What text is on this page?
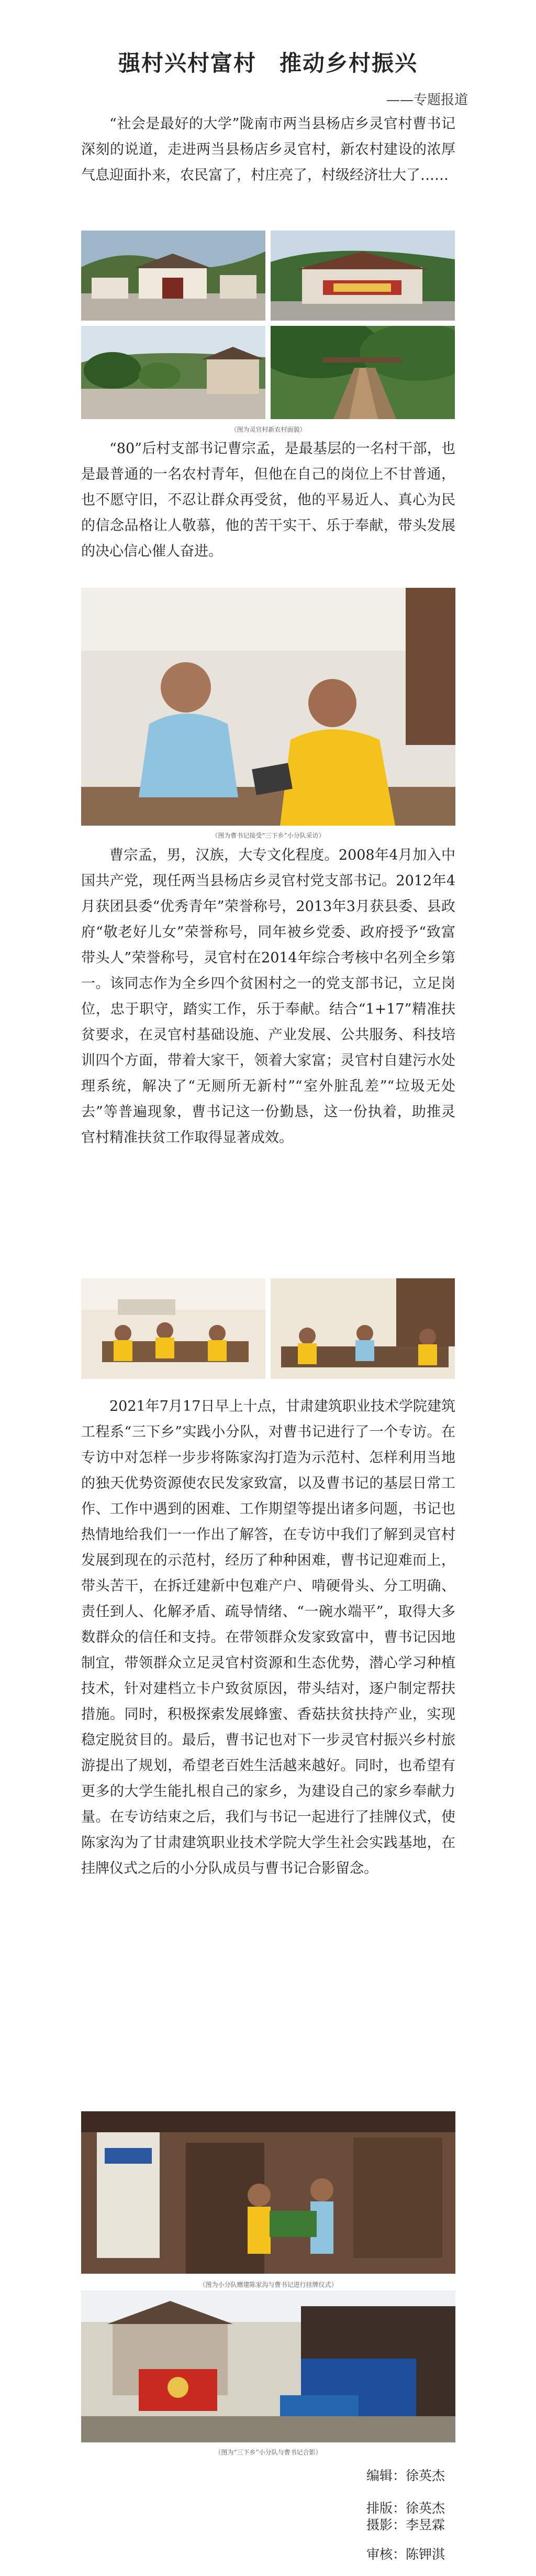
强村兴村富村 推动乡村振兴
——专题报道

“社会是最好的大学”陇南市两当县杨店乡灵官村曹书记深刻的说道，走进两当县杨店乡灵官村，新农村建设的浓厚气息迎面扑来，农民富了，村庄亮了，村级经济壮大了……

（图为灵官村新农村面貌）

“80”后村支部书记曹宗孟，是最基层的一名村干部，也是最普通的一名农村青年，但他在自己的岗位上不甘普通，也不愿守旧，不忍让群众再受贫，他的平易近人、真心为民的信念品格让人敬慕，他的苦干实干、乐于奉献，带头发展的决心信心催人奋进。

（图为曹书记接受“三下乡”小分队采访）

曹宗孟，男，汉族，大专文化程度。2008年4月加入中国共产党，现任两当县杨店乡灵官村党支部书记。2012年4月获团县委“优秀青年”荣誉称号，2013年3月获县委、县政府“敬老好儿女”荣誉称号，同年被乡党委、政府授予“致富带头人”荣誉称号，灵官村在2014年综合考核中名列全乡第一。该同志作为全乡四个贫困村之一的党支部书记，立足岗位，忠于职守，踏实工作，乐于奉献。结合“1+17”精准扶贫要求，在灵官村基础设施、产业发展、公共服务、科技培训四个方面，带着大家干，领着大家富；灵官村自建污水处理系统，解决了“无厕所无新村”“室外脏乱差”“垃圾无处去”等普遍现象，曹书记这一份勤恳，这一份执着，助推灵官村精准扶贫工作取得显著成效。

2021年7月17日早上十点，甘肃建筑职业技术学院建筑工程系“三下乡”实践小分队，对曹书记进行了一个专访。在专访中对怎样一步步将陈家沟打造为示范村、怎样利用当地的独天优势资源使农民发家致富，以及曹书记的基层日常工作、工作中遇到的困难、工作期望等提出诸多问题，书记也热情地给我们一一作出了解答，在专访中我们了解到灵官村发展到现在的示范村，经历了种种困难，曹书记迎难而上，带头苦干，在拆迁建新中包难产户、啃硬骨头、分工明确、责任到人、化解矛盾、疏导情绪、“一碗水端平”，取得大多数群众的信任和支持。在带领群众发家致富中，曹书记因地制宜，带领群众立足灵官村资源和生态优势，潜心学习种植技术，针对建档立卡户致贫原因，带头结对，逐户制定帮扶措施。同时，积极探索发展蜂蜜、香菇扶贫扶持产业，实现稳定脱贫目的。最后，曹书记也对下一步灵官村振兴乡村旅游提出了规划，希望老百姓生活越来越好。同时，也希望有更多的大学生能扎根自己的家乡，为建设自己的家乡奉献力量。在专访结束之后，我们与书记一起进行了挂牌仪式，使陈家沟为了甘肃建筑职业技术学院大学生社会实践基地，在挂牌仪式之后的小分队成员与曹书记合影留念。

（图为小分队赠建陈家沟与曹书记进行挂牌仪式）
（图为“三下乡”小分队与曹书记合影）
编辑：徐英杰
排版：徐英杰
摄影：李昱霖
审核：陈钾淇
